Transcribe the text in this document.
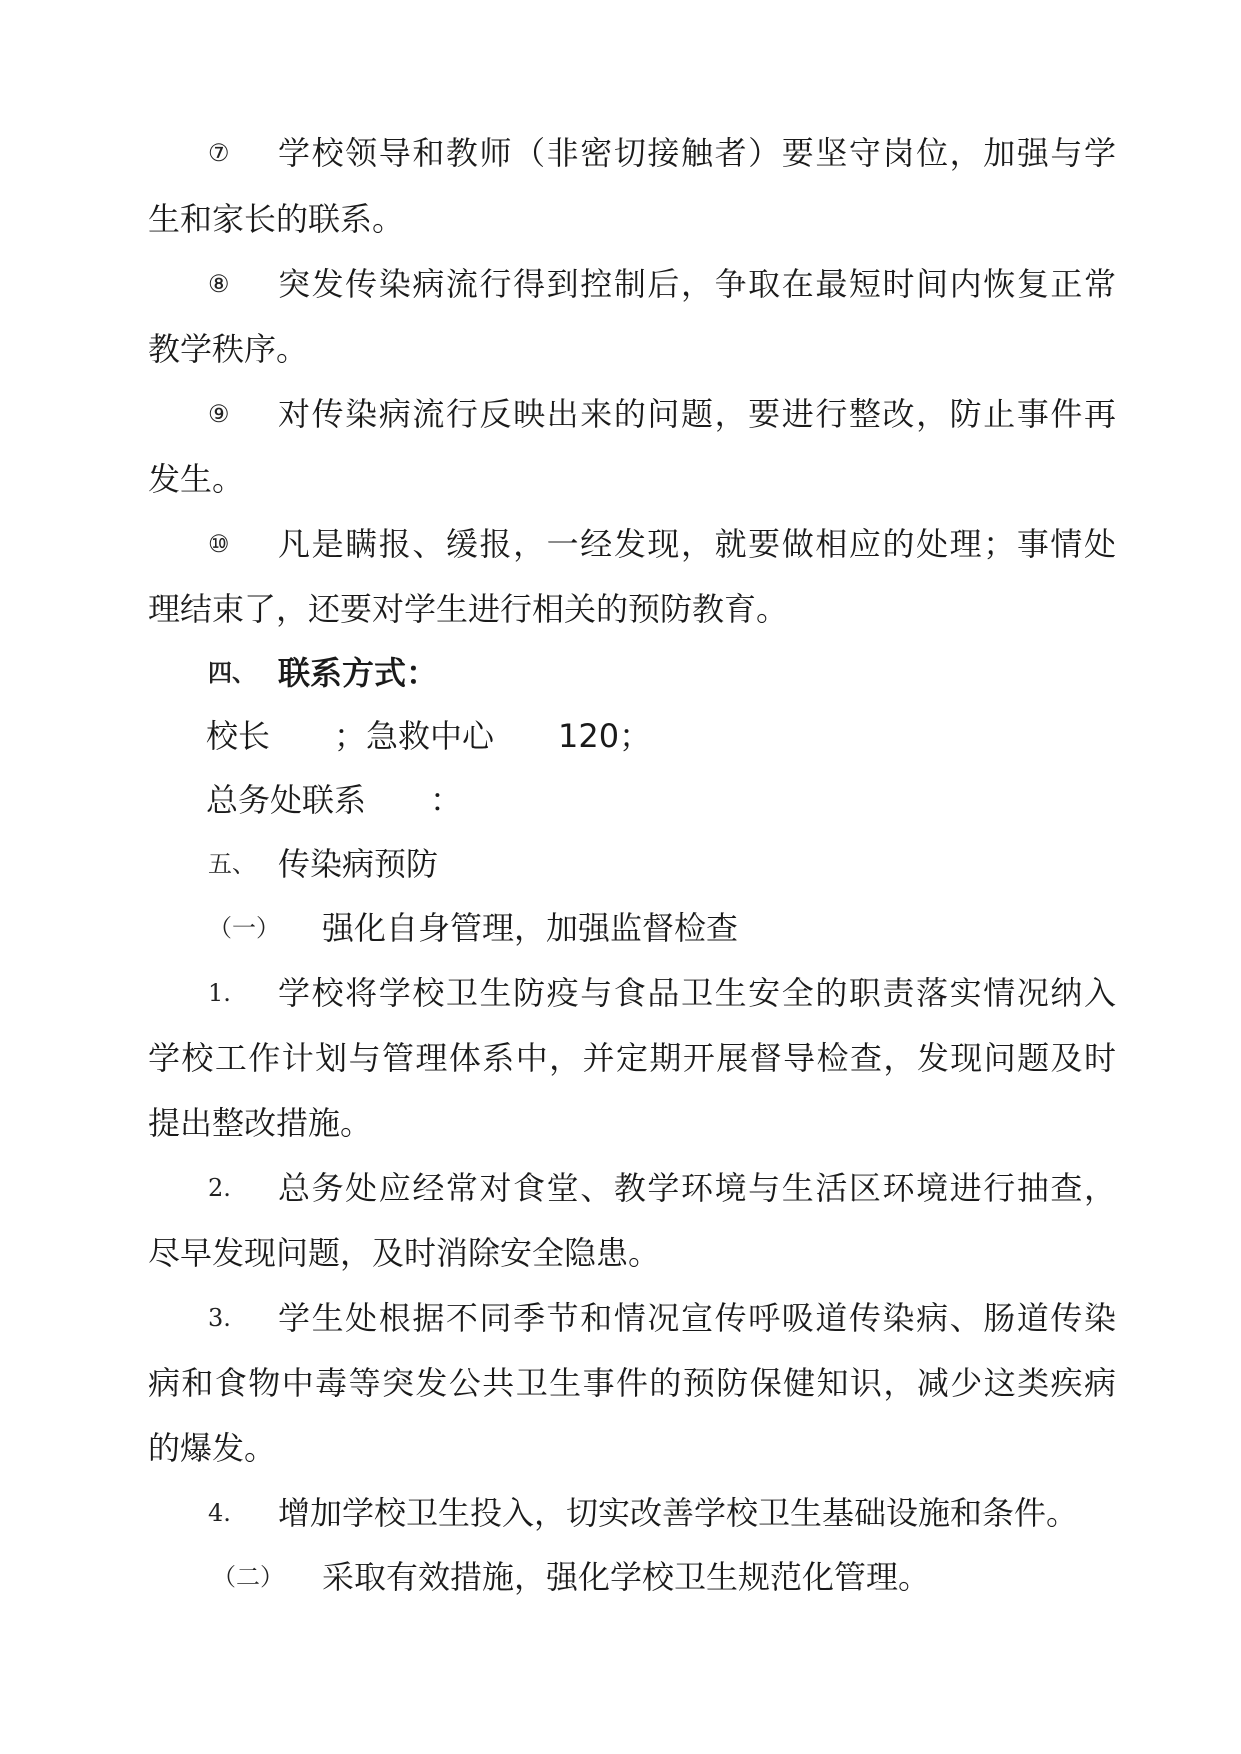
⑦ 学校领导和教师（非密切接触者）要坚守岗位，加强与学
生和家长的联系。
⑧ 突发传染病流行得到控制后，争取在最短时间内恢复正常
教学秩序。
⑨ 对传染病流行反映出来的问题，要进行整改，防止事件再
发生。
⑩ 凡是瞒报、缓报，一经发现，就要做相应的处理；事情处
理结束了，还要对学生进行相关的预防教育。
四、 联系方式：
校长　　；急救中心　　120；
总务处联系　　：
五、 传染病预防
（一） 强化自身管理，加强监督检查
1. 学校将学校卫生防疫与食品卫生安全的职责落实情况纳入
学校工作计划与管理体系中，并定期开展督导检查，发现问题及时
提出整改措施。
2. 总务处应经常对食堂、教学环境与生活区环境进行抽查，
尽早发现问题，及时消除安全隐患。
3. 学生处根据不同季节和情况宣传呼吸道传染病、肠道传染
病和食物中毒等突发公共卫生事件的预防保健知识，减少这类疾病
的爆发。
4. 增加学校卫生投入，切实改善学校卫生基础设施和条件。
（二） 采取有效措施，强化学校卫生规范化管理。
